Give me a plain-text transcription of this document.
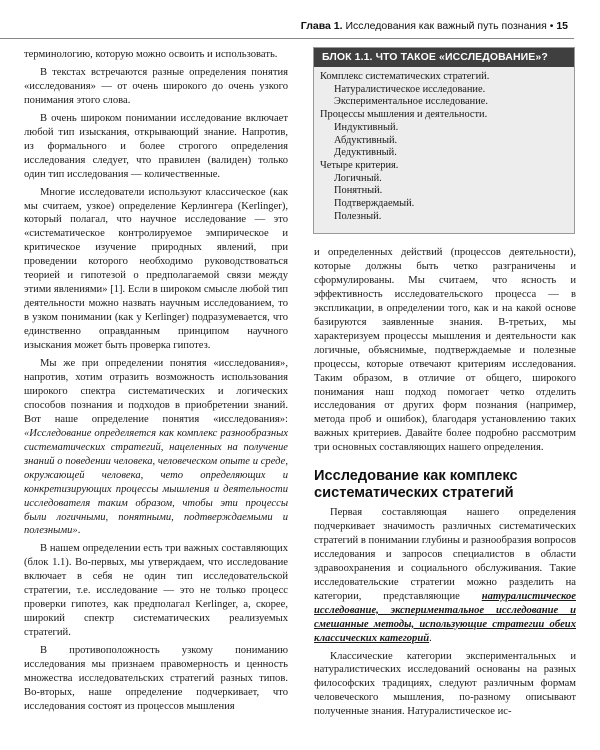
Глава 1. Исследования как важный путь познания • 15

терминологию, которую можно освоить и использовать.

В текстах встречаются разные определения понятия «исследования» — от очень широкого до очень узкого понимания этого слова.

В очень широком понимании исследование включает любой тип изыскания, открывающий знание. Напротив, из формального и более строгого определения исследования следует, что правилен (валиден) только один тип исследования — количественные.

Многие исследователи используют классическое (как мы считаем, узкое) определение Керлингера (Kerlinger), который полагал, что научное исследование — это «систематическое контролируемое эмпирическое и критическое изучение природных явлений, при проведении которого необходимо руководствоваться теорией и гипотезой о предполагаемой связи между этими явлениями» [1]. Если в широком смысле любой тип деятельности можно назвать научным исследованием, то в узком понимании (как у Kerlinger) подразумевается, что единственно оправданным принципом научного изыскания может быть проверка гипотез.

Мы же при определении понятия «исследования», напротив, хотим отразить возможность использования широкого спектра систематических и логических способов познания и подходов в приобретении знаний. Вот наше определение понятия «исследования»: «Исследование определяется как комплекс разнообразных систематических стратегий, нацеленных на получение знаний о поведении человека, человеческом опыте и среде, окружающей человека, чето определяющих и конкретизирующих процессы мышления и деятельности исследователя таким образом, чтобы эти процессы были логичными, понятными, подтверждаемыми и полезными».

В нашем определении есть три важных составляющих (блок 1.1). Во-первых, мы утверждаем, что исследование включает в себя не один тип исследовательской стратегии, т.е. исследование — это не только процесс проверки гипотез, как предполагал Kerlinger, а, скорее, широкий спектр систематических реализуемых стратегий.

В противоположность узкому пониманию исследования мы признаем правомерность и ценность множества исследовательских стратегий разных типов. Во-вторых, наше определение подчеркивает, что исследования состоят из процессов мышления

БЛОК 1.1. ЧТО ТАКОЕ «ИССЛЕДОВАНИЕ»?
Комплекс систематических стратегий.
Натуралистическое исследование.
Экспериментальное исследование.
Процессы мышления и деятельности.
Индуктивный.
Абдуктивный.
Дедуктивный.
Четыре критерия.
Логичный.
Понятный.
Подтверждаемый.
Полезный.

и определенных действий (процессов деятельности), которые должны быть четко разграничены и сформулированы. Мы считаем, что ясность и эффективность исследовательского процесса — в экспликации, в определении того, как и на какой основе базируются заявленные знания. В-третьих, мы характеризуем процессы мышления и деятельности как логичные, объяснимые, подтверждаемые и полезные процессы, которые отвечают критериям исследования. Таким образом, в отличие от общего, широкого понимания наш подход помогает четко отделить исследования от других форм познания (например, метода проб и ошибок), благодаря установлению таких важных критериев. Давайте более подробно рассмотрим три основных составляющих нашего определения.

Исследование как комплекс систематических стратегий

Первая составляющая нашего определения подчеркивает значимость различных систематических стратегий в понимании глубины и разнообразия вопросов исследования и запросов специалистов в области здравоохранения и социального обслуживания. Такие исследовательские стратегии можно разделить на категории, представляющие натуралистическое исследование, экспериментальное исследование и смешанные методы, использующие стратегии обеих классических категорий.

Классические категории экспериментальных и натуралистических исследований основаны на разных философских традициях, следуют различным формам человеческого мышления, по-разному описывают полученные знания. Натуралистическое ис-
